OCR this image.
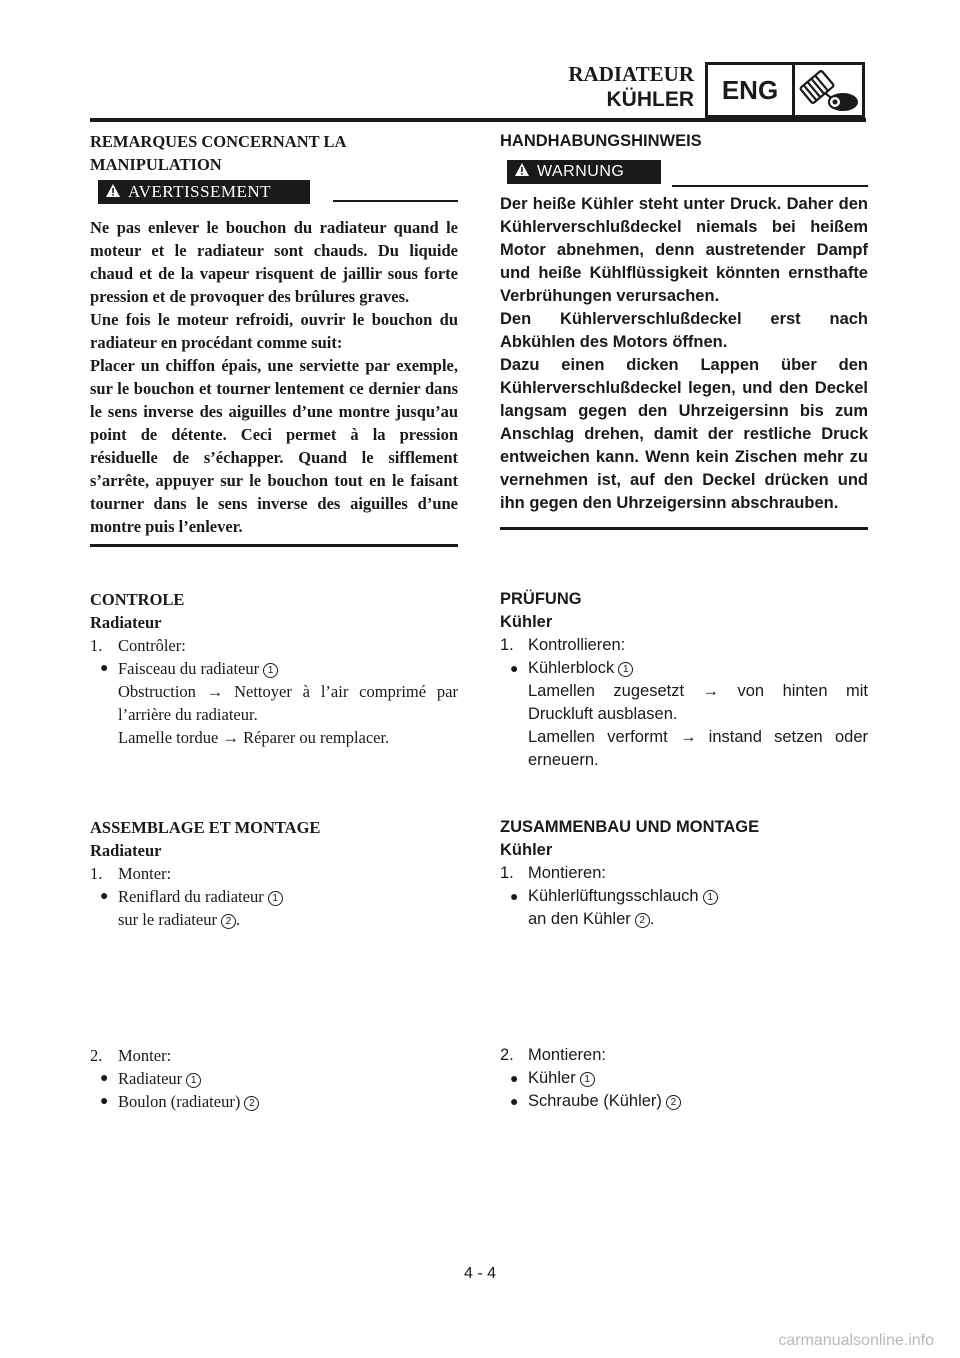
RADIATEUR
KÜHLER	ENG
REMARQUES CONCERNANT LA
MANIPULATION
AVERTISSEMENT

Ne pas enlever le bouchon du radiateur quand le moteur et le radiateur sont chauds. Du liquide chaud et de la vapeur risquent de jaillir sous forte pression et de provoquer des brûlures graves.

Une fois le moteur refroidi, ouvrir le bouchon du radiateur en procédant comme suit:

Placer un chiffon épais, une serviette par exemple, sur le bouchon et tourner lentement ce dernier dans le sens inverse des aiguilles d’une montre jusqu’au point de détente. Ceci permet à la pression résiduelle de s’échapper. Quand le sifflement s’arrête, appuyer sur le bouchon tout en le faisant tourner dans le sens inverse des aiguilles d’une montre puis l’enlever.

CONTROLE
Radiateur
1. Contrôler:
● Faisceau du radiateur 1
Obstruction → Nettoyer à l’air comprimé par l’arrière du radiateur.
Lamelle tordue → Réparer ou remplacer.
ASSEMBLAGE ET MONTAGE
Radiateur
1. Monter:
● Reniflard du radiateur 1
sur le radiateur 2 .
2. Monter:
● Radiateur 1
● Boulon (radiateur) 2
HANDHABUNGSHINWEIS
WARNUNG

Der heiße Kühler steht unter Druck. Daher den Kühlerverschlußdeckel niemals bei heißem Motor abnehmen, denn austretender Dampf und heiße Kühlflüssigkeit könnten ernsthafte Verbrühungen verursachen.

Den Kühlerverschlußdeckel erst nach Abkühlen des Motors öffnen.

Dazu einen dicken Lappen über den Kühlerverschlußdeckel legen, und den Deckel langsam gegen den Uhrzeigersinn bis zum Anschlag drehen, damit der restliche Druck entweichen kann. Wenn kein Zischen mehr zu vernehmen ist, auf den Deckel drücken und ihn gegen den Uhrzeigersinn abschrauben.

PRÜFUNG
Kühler
1. Kontrollieren:
● Kühlerblock 1
Lamellen zugesetzt → von hinten mit Druckluft ausblasen.
Lamellen verformt → instand setzen oder erneuern.
ZUSAMMENBAU UND MONTAGE
Kühler
1. Montieren:
● Kühlerlüftungsschlauch 1
an den Kühler 2 .
2. Montieren:
● Kühler 1
● Schraube (Kühler) 2
4 - 4
carmanualsonline.info
